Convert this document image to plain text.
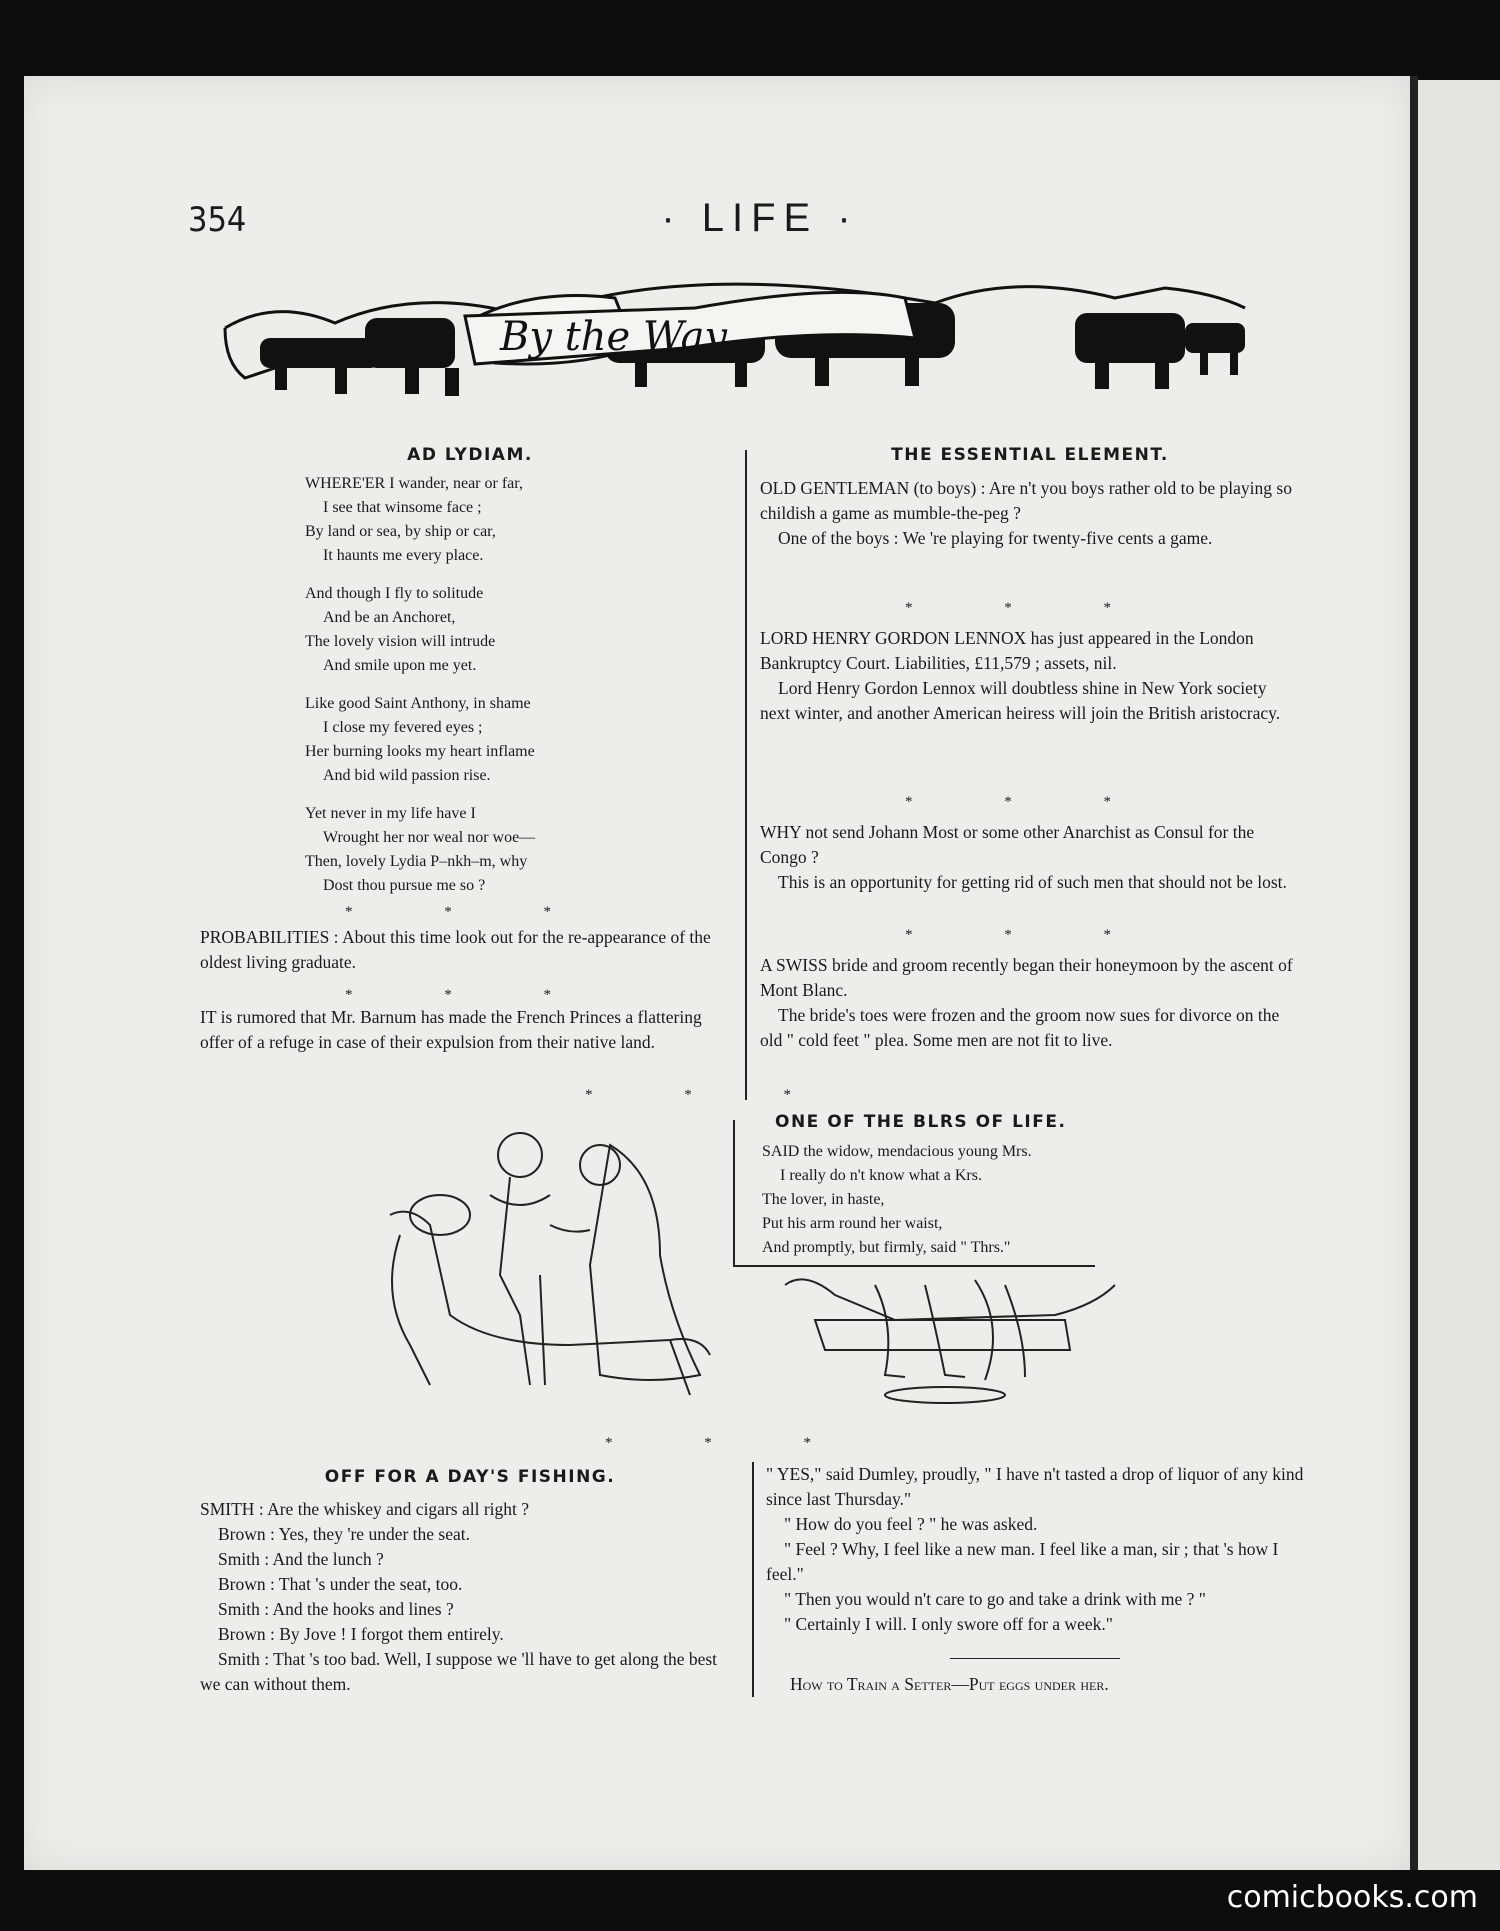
354	· LIFE ·
By the Way
AD LYDIAM.

WHERE'ER I wander, near or far,

I see that winsome face ;

By land or sea, by ship or car,

It haunts me every place.

And though I fly to solitude

And be an Anchoret,

The lovely vision will intrude

And smile upon me yet.

Like good Saint Anthony, in shame

I close my fevered eyes ;

Her burning looks my heart inflame

And bid wild passion rise.

Yet never in my life have I

Wrought her nor weal nor woe—

Then, lovely Lydia P–nkh–m, why

Dost thou pursue me so ?

* * *
PROBABILITIES : About this time look out for the re-appearance of the oldest living graduate.
* * *
IT is rumored that Mr. Barnum has made the French Princes a flattering offer of a refuge in case of their expulsion from their native land.
THE ESSENTIAL ELEMENT.

OLD GENTLEMAN (to boys) : Are n't you boys rather old to be playing so childish a game as mumble-the-peg ?

One of the boys : We 're playing for twenty-five cents a game.

* * *

LORD HENRY GORDON LENNOX has just appeared in the London Bankruptcy Court. Liabilities, £11,579 ; assets, nil.

Lord Henry Gordon Lennox will doubtless shine in New York society next winter, and another American heiress will join the British aristocracy.

* * *

WHY not send Johann Most or some other Anarchist as Consul for the Congo ?

This is an opportunity for getting rid of such men that should not be lost.

* * *

A SWISS bride and groom recently began their honeymoon by the ascent of Mont Blanc.

The bride's toes were frozen and the groom now sues for divorce on the old " cold feet " plea. Some men are not fit to live.

* * *
ONE OF THE BLRS OF LIFE.

SAID the widow, mendacious young Mrs.

I really do n't know what a Krs.

The lover, in haste,

Put his arm round her waist,

And promptly, but firmly, said " Thrs."

* * *
OFF FOR A DAY'S FISHING.

SMITH : Are the whiskey and cigars all right ?

Brown : Yes, they 're under the seat.

Smith : And the lunch ?

Brown : That 's under the seat, too.

Smith : And the hooks and lines ?

Brown : By Jove ! I forgot them entirely.

Smith : That 's too bad. Well, I suppose we 'll have to get along the best we can without them.

" YES," said Dumley, proudly, " I have n't tasted a drop of liquor of any kind since last Thursday."

" How do you feel ? " he was asked.

" Feel ? Why, I feel like a new man. I feel like a man, sir ; that 's how I feel."

" Then you would n't care to go and take a drink with me ? "

" Certainly I will. I only swore off for a week."

How to Train a Setter—Put eggs under her.
comicbooks.com
